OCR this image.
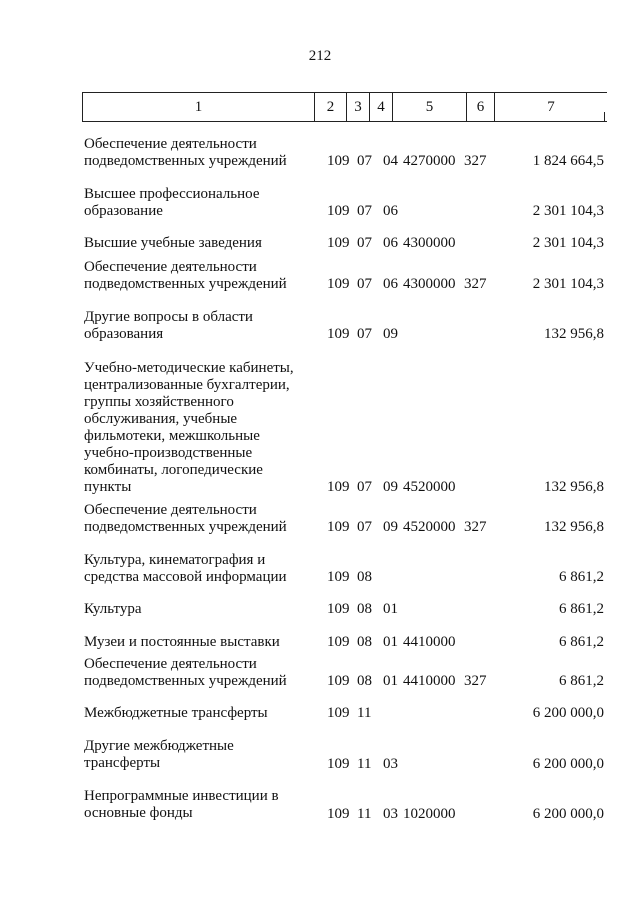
212
1	2	3	4	5	6	7
Обеспечение деятельности
подведомственных учреждений	109 07 04 4270000 327	1 824 664,5
Высшее профессиональное
образование	109 07 06	2 301 104,3
Высшие учебные заведения	109 07 06 4300000	2 301 104,3
Обеспечение деятельности
подведомственных учреждений	109 07 06 4300000 327	2 301 104,3
Другие вопросы в области
образования	109 07 09	132 956,8
Учебно-методические кабинеты,
централизованные бухгалтерии,
группы хозяйственного
обслуживания, учебные
фильмотеки, межшкольные
учебно-производственные
комбинаты, логопедические
пункты	109 07 09 4520000	132 956,8
Обеспечение деятельности
подведомственных учреждений	109 07 09 4520000 327	132 956,8
Культура, кинематография и
средства массовой информации	109 08	6 861,2
Культура	109 08 01	6 861,2
Музеи и постоянные выставки	109 08 01 4410000	6 861,2
Обеспечение деятельности
подведомственных учреждений	109 08 01 4410000 327	6 861,2
Межбюджетные трансферты	109 11	6 200 000,0
Другие межбюджетные
трансферты	109 11 03	6 200 000,0
Непрограммные инвестиции в
основные фонды	109 11 03 1020000	6 200 000,0
